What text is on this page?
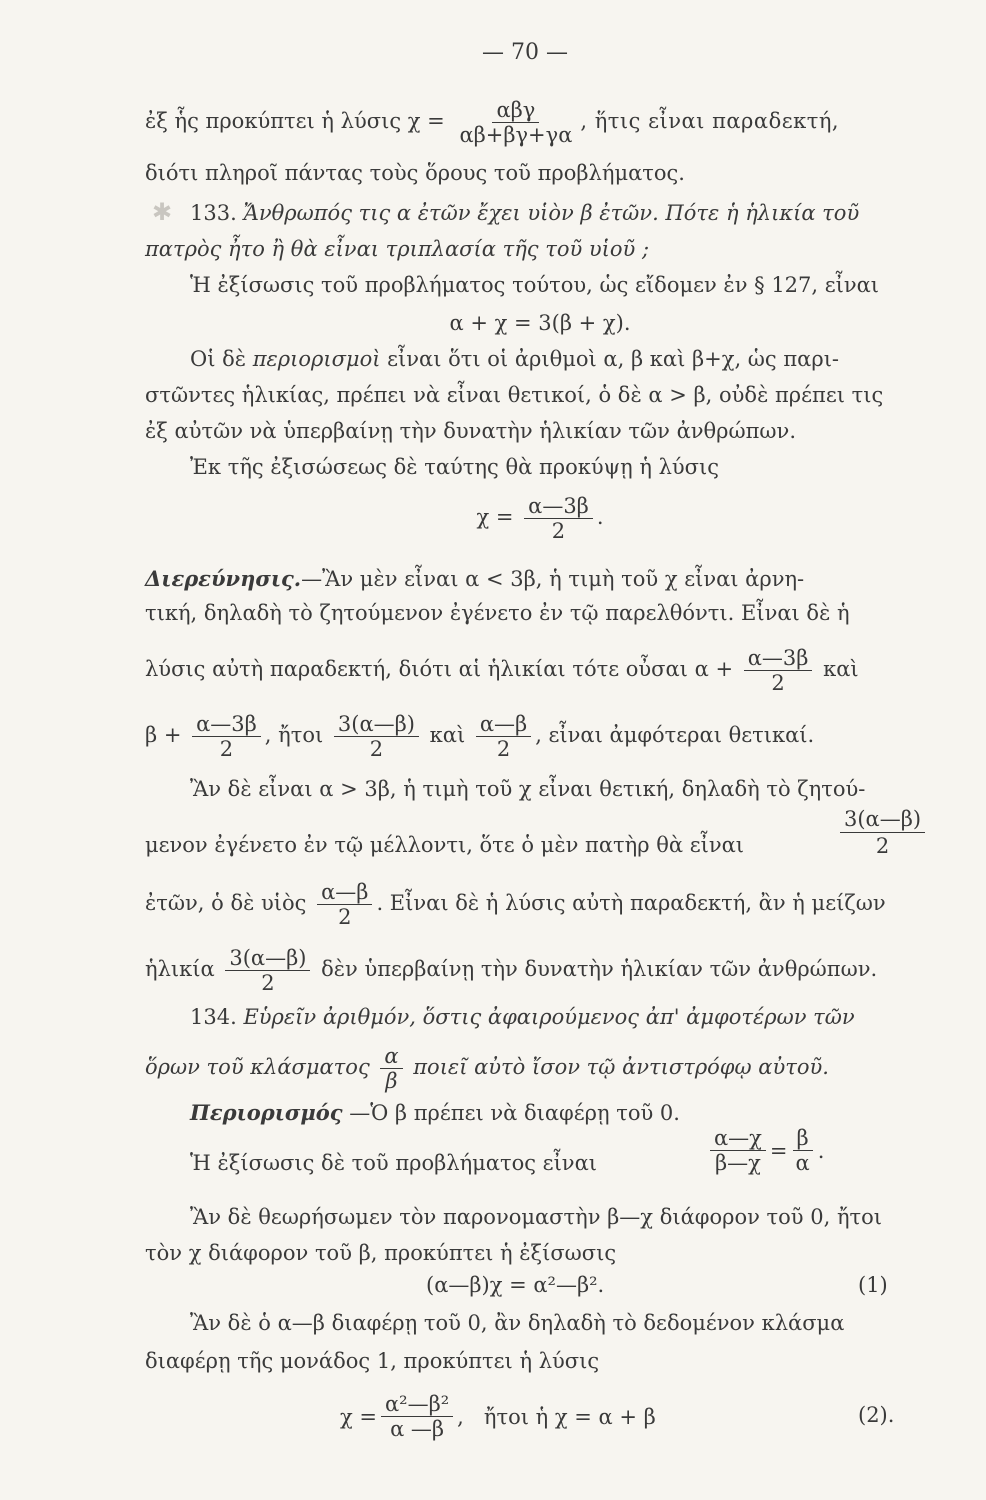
— 70 —
ἐξ ἧς προκύπτει ἡ λύσις $\chi = \frac{\text{αβγ}}{\alpha\beta+\beta\gamma+\gamma\alpha}$ , ἥτις εἶναι παραδεκτή,
διότι πληροῖ πάντας τοὺς ὅρους τοῦ προβλήματος.
✱ 133. Ἄνθρωπός τις α ἐτῶν ἔχει υἱὸν β ἐτῶν. Πότε ἡ ἡλικία τοῦ
πατρὸς ἦτο ἢ θὰ εἶναι τριπλασία τῆς τοῦ υἱοῦ ;
Ἡ ἐξίσωσις τοῦ προβλήματος τούτου, ὡς εἴδομεν ἐν § 127, εἶναι
α + χ = 3(β + χ).
Οἱ δὲ περιορισμοὶ εἶναι ὅτι οἱ ἀριθμοὶ α, β καὶ β+χ, ὡς παρι-
στῶντες ἡλικίας, πρέπει νὰ εἶναι θετικοί, ὁ δὲ α > β, οὐδὲ πρέπει τις
ἐξ αὐτῶν νὰ ὑπερβαίνῃ τὴν δυνατὴν ἡλικίαν τῶν ἀνθρώπων.
Ἐκ τῆς ἐξισώσεως δὲ ταύτης θὰ προκύψῃ ἡ λύσις
$\chi = \frac{\alpha—3\beta}{2}$ .
Διερεύνησις.—Ἂν μὲν εἶναι α < 3β, ἡ τιμὴ τοῦ χ εἶναι ἀρνη-
τική, δηλαδὴ τὸ ζητούμενον ἐγένετο ἐν τῷ παρελθόντι. Εἶναι δὲ ἡ
λύσις αὐτὴ παραδεκτή, διότι αἱ ἡλικίαι τότε οὖσαι $\alpha + \frac{\alpha—3\beta}{2}$ καὶ
$\beta + \frac{\alpha—3\beta}{2}$ , ἤτοι $\frac{3(\alpha—\beta)}{2}$ καὶ $\frac{\alpha—\beta}{2}$ , εἶναι ἀμφότεραι θετικαί.
Ἂν δὲ εἶναι α > 3β, ἡ τιμὴ τοῦ χ εἶναι θετική, δηλαδὴ τὸ ζητού-
μενον ἐγένετο ἐν τῷ μέλλοντι, ὅτε ὁ μὲν πατὴρ θὰ εἶναι	$\frac{3(\alpha—\beta)}{2}$
ἐτῶν, ὁ δὲ υἱὸς $\frac{\alpha—\beta}{2}$ . Εἶναι δὲ ἡ λύσις αὐτὴ παραδεκτή, ἂν ἡ μείζων
ἡλικία $\frac{3(\alpha—\beta)}{2}$ δὲν ὑπερβαίνῃ τὴν δυνατὴν ἡλικίαν τῶν ἀνθρώπων.
134. Εὑρεῖν ἀριθμόν, ὅστις ἀφαιρούμενος ἀπ' ἀμφοτέρων τῶν
ὅρων τοῦ κλάσματος $\frac{\alpha}{\beta}$ ποιεῖ αὐτὸ ἴσον τῷ ἀντιστρόφῳ αὐτοῦ.
Περιορισμός —Ὁ β πρέπει νὰ διαφέρῃ τοῦ 0.
Ἡ ἐξίσωσις δὲ τοῦ προβλήματος εἶναι	$\frac{\alpha—\chi}{\beta—\chi} = \frac{\beta}{\alpha}$ .
Ἂν δὲ θεωρήσωμεν τὸν παρονομαστὴν β—χ διάφορον τοῦ 0, ἤτοι
τὸν χ διάφορον τοῦ β, προκύπτει ἡ ἐξίσωσις
(α—β)χ = α²—β².	(1)
Ἂν δὲ ὁ α—β διαφέρῃ τοῦ 0, ἂν δηλαδὴ τὸ δεδομένον κλάσμα
διαφέρῃ τῆς μονάδος 1, προκύπτει ἡ λύσις
$\chi = \frac{\text{α²—β²}}{\alpha —\beta}$ ,   ἤτοι ἡ χ = α + β	(2).
